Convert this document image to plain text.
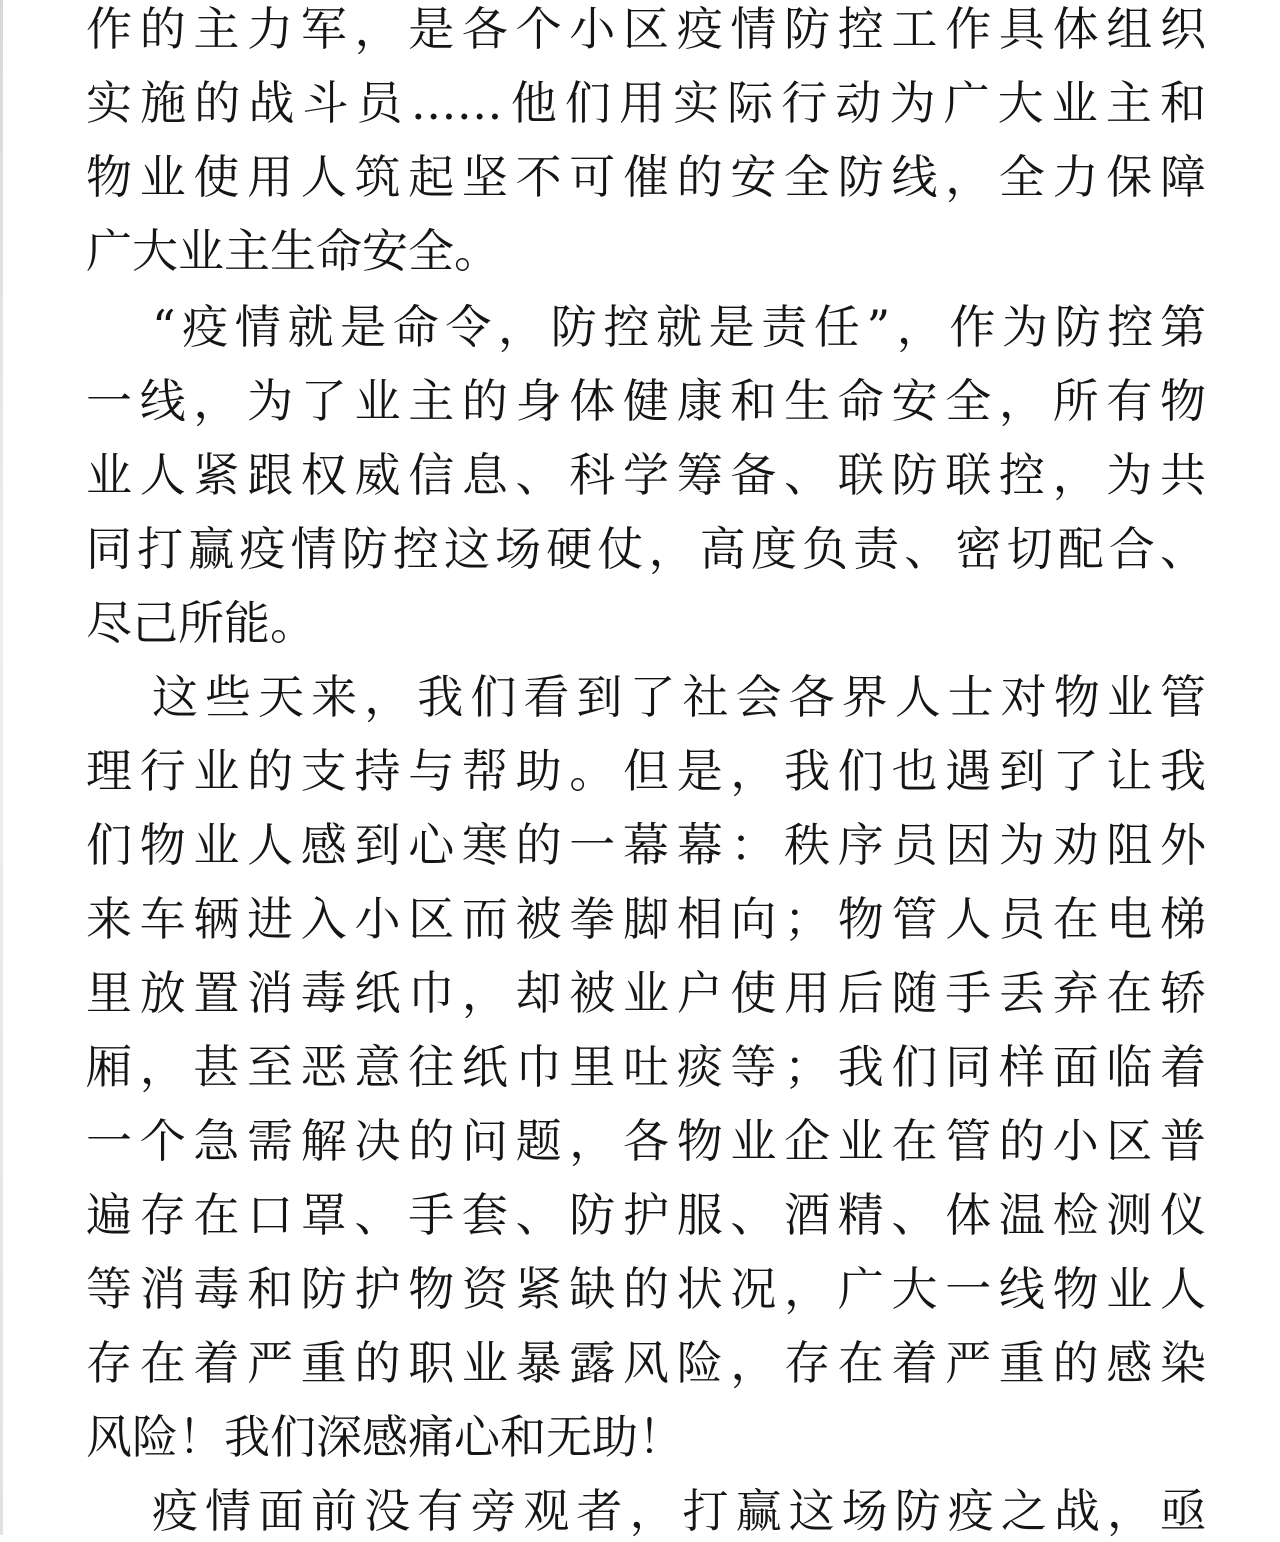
作的主力军，是各个小区疫情防控工作具体组织
实施的战斗员……他们用实际行动为广大业主和
物业使用人筑起坚不可催的安全防线，全力保障
广大业主生命安全。
“疫情就是命令，防控就是责任”，作为防控第
一线，为了业主的身体健康和生命安全，所有物
业人紧跟权威信息、科学筹备、联防联控，为共
同打赢疫情防控这场硬仗，高度负责、密切配合、
尽己所能。
这些天来，我们看到了社会各界人士对物业管
理行业的支持与帮助。但是，我们也遇到了让我
们物业人感到心寒的一幕幕：秩序员因为劝阻外
来车辆进入小区而被拳脚相向；物管人员在电梯
里放置消毒纸巾，却被业户使用后随手丢弃在轿
厢，甚至恶意往纸巾里吐痰等；我们同样面临着
一个急需解决的问题，各物业企业在管的小区普
遍存在口罩、手套、防护服、酒精、体温检测仪
等消毒和防护物资紧缺的状况，广大一线物业人
存在着严重的职业暴露风险，存在着严重的感染
风险！我们深感痛心和无助！
疫情面前没有旁观者，打赢这场防疫之战，亟
